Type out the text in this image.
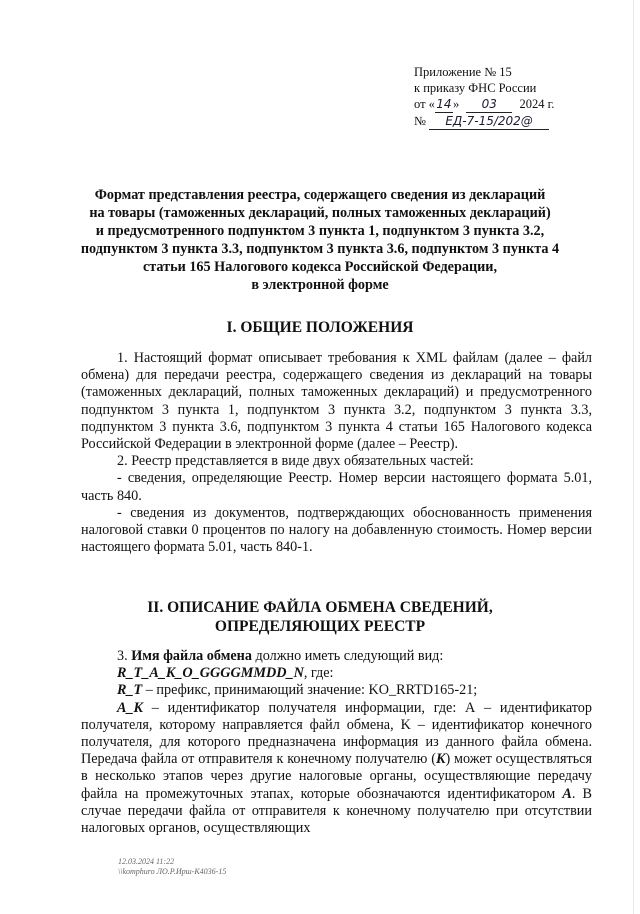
Приложение № 15
к приказу ФНС России
от «14» 03 2024 г.
№ ЕД-7-15/202@
Формат представления реестра, содержащего сведения из деклараций
на товары (таможенных деклараций, полных таможенных деклараций)
и предусмотренного подпунктом 3 пункта 1, подпунктом 3 пункта 3.2,
подпунктом 3 пункта 3.3, подпунктом 3 пункта 3.6, подпунктом 3 пункта 4
статьи 165 Налогового кодекса Российской Федерации,
в электронной форме
I. ОБЩИЕ ПОЛОЖЕНИЯ

1. Настоящий формат описывает требования к XML файлам (далее – файл обмена) для передачи реестра, содержащего сведения из деклараций на товары (таможенных деклараций, полных таможенных деклараций) и предусмотренного подпунктом 3 пункта 1, подпунктом 3 пункта 3.2, подпунктом 3 пункта 3.3, подпунктом 3 пункта 3.6, подпунктом 3 пункта 4 статьи 165 Налогового кодекса Российской Федерации в электронной форме (далее – Реестр).

2. Реестр представляется в виде двух обязательных частей:

- сведения, определяющие Реестр. Номер версии настоящего формата 5.01, часть 840.

- сведения из документов, подтверждающих обоснованность применения налоговой ставки 0 процентов по налогу на добавленную стоимость. Номер версии настоящего формата 5.01, часть 840-1.

II. ОПИСАНИЕ ФАЙЛА ОБМЕНА СВЕДЕНИЙ,
ОПРЕДЕЛЯЮЩИХ РЕЕСТР

3. Имя файла обмена должно иметь следующий вид:

R_T_A_K_O_GGGGMMDD_N, где:

R_T – префикс, принимающий значение: KO_RRTD165-21;

A_K – идентификатор получателя информации, где: А – идентификатор получателя, которому направляется файл обмена, K – идентификатор конечного получателя, для которого предназначена информация из данного файла обмена. Передача файла от отправителя к конечному получателю (K) может осуществляться в несколько этапов через другие налоговые органы, осуществляющие передачу файла на промежуточных этапах, которые обозначаются идентификатором A. В случае передачи файла от отправителя к конечному получателю при отсутствии налоговых органов, осуществляющих

12.03.2024 11:22
\\komphuro ЛО.Р.Ирш-К4036-15
